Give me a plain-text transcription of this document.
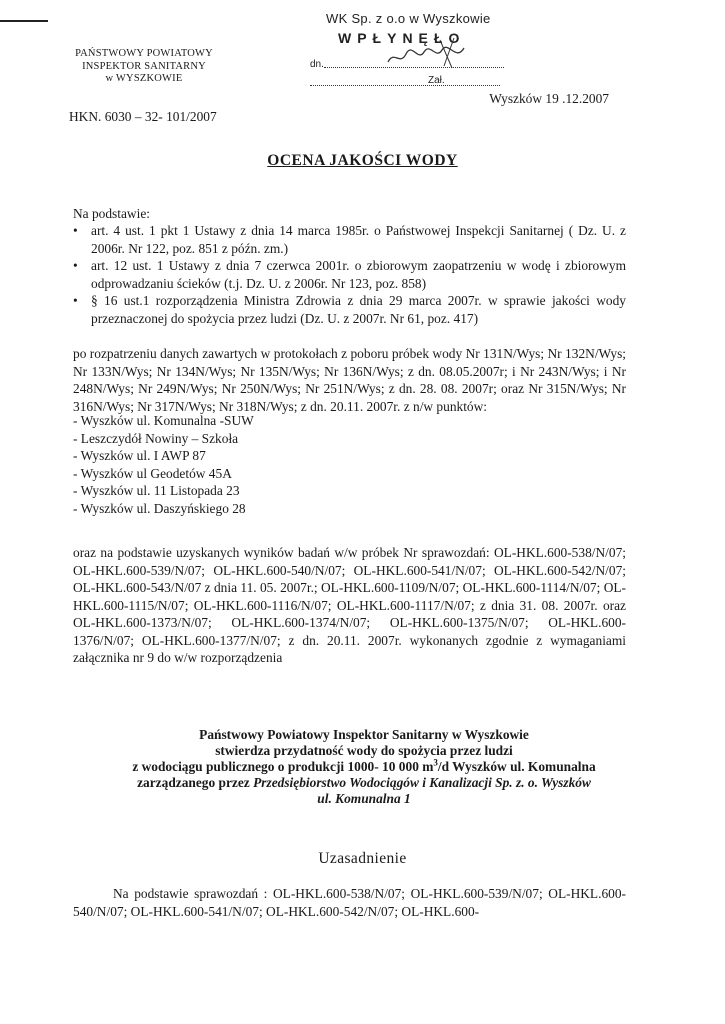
PAŃSTWOWY POWIATOWY
INSPEKTOR SANITARNY
w WYSZKOWIE
WK Sp. z o.o w Wyszkowie
WPŁYNĘŁO
dn.
Zał.
Wyszków 19 .12.2007
HKN. 6030 – 32- 101/2007
OCENA JAKOŚCI WODY

Na podstawie:

• art. 4 ust. 1 pkt 1 Ustawy z dnia 14 marca 1985r. o Państwowej Inspekcji Sanitarnej ( Dz. U. z 2006r. Nr 122, poz. 851 z późn. zm.)
• art. 12 ust. 1 Ustawy z dnia 7 czerwca 2001r. o zbiorowym zaopatrzeniu w wodę i zbiorowym odprowadzaniu ścieków (t.j. Dz. U. z 2006r. Nr 123, poz. 858)
• § 16 ust.1 rozporządzenia Ministra Zdrowia z dnia 29 marca 2007r. w sprawie jakości wody przeznaczonej do spożycia przez ludzi (Dz. U. z 2007r. Nr 61, poz. 417)

po rozpatrzeniu danych zawartych w protokołach z poboru próbek wody Nr 131N/Wys; Nr 132N/Wys; Nr 133N/Wys; Nr 134N/Wys; Nr 135N/Wys; Nr 136N/Wys; z dn. 08.05.2007r; i Nr 243N/Wys; i Nr 248N/Wys; Nr 249N/Wys; Nr 250N/Wys; Nr 251N/Wys; z dn. 28. 08. 2007r; oraz Nr 315N/Wys; Nr 316N/Wys; Nr 317N/Wys; Nr 318N/Wys; z dn. 20.11. 2007r. z n/w punktów:

- Wyszków ul. Komunalna -SUW
- Leszczydół Nowiny – Szkoła
- Wyszków ul. I AWP 87
- Wyszków ul Geodetów 45A
- Wyszków ul. 11 Listopada 23
- Wyszków ul. Daszyńskiego 28

oraz na podstawie uzyskanych wyników badań w/w próbek Nr sprawozdań: OL-HKL.600-538/N/07; OL-HKL.600-539/N/07; OL-HKL.600-540/N/07; OL-HKL.600-541/N/07; OL-HKL.600-542/N/07; OL-HKL.600-543/N/07 z dnia 11. 05. 2007r.; OL-HKL.600-1109/N/07; OL-HKL.600-1114/N/07; OL-HKL.600-1115/N/07; OL-HKL.600-1116/N/07; OL-HKL.600-1117/N/07; z dnia 31. 08. 2007r. oraz OL-HKL.600-1373/N/07; OL-HKL.600-1374/N/07; OL-HKL.600-1375/N/07; OL-HKL.600-1376/N/07; OL-HKL.600-1377/N/07; z dn. 20.11. 2007r. wykonanych zgodnie z wymaganiami załącznika nr 9 do w/w rozporządzenia

Państwowy Powiatowy Inspektor Sanitarny w Wyszkowie
stwierdza przydatność wody do spożycia przez ludzi
z wodociągu publicznego o produkcji 1000- 10 000 $m^3/d$ Wyszków ul. Komunalna
zarządzanego przez Przedsiębiorstwo Wodociągów i Kanalizacji Sp. z. o. Wyszków
ul. Komunalna 1
Uzasadnienie

Na podstawie sprawozdań : OL-HKL.600-538/N/07; OL-HKL.600-539/N/07; OL-HKL.600-540/N/07; OL-HKL.600-541/N/07; OL-HKL.600-542/N/07; OL-HKL.600-
